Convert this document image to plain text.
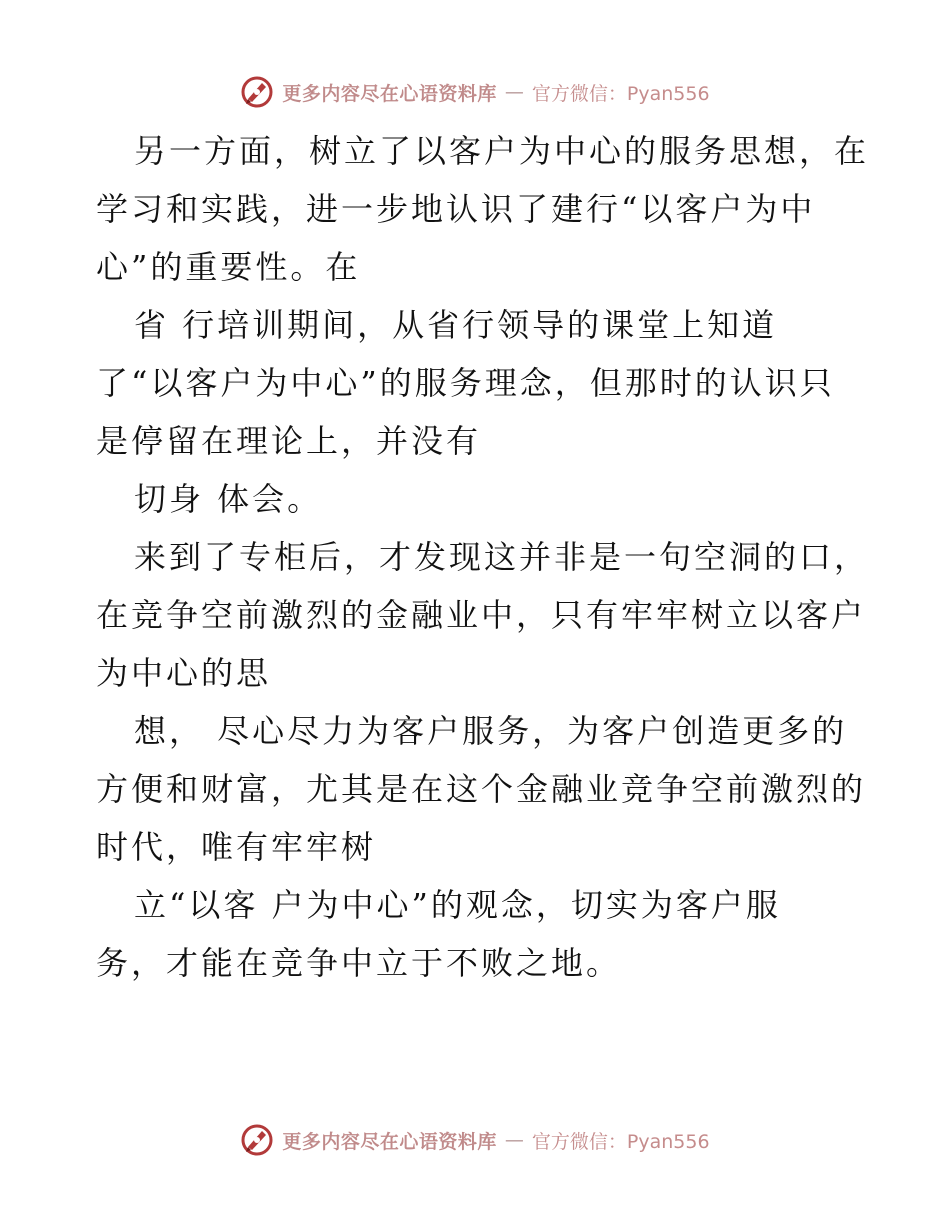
更多内容尽在心语资料库 — 官方微信：Pyan556

另一方面，树立了以客户为中心的服务思想，在

学习和实践，进一步地认识了建行“以客户为中

心”的重要性。在

省 行培训期间，从省行领导的课堂上知道

了“以客户为中心”的服务理念，但那时的认识只

是停留在理论上，并没有

切身 体会。

来到了专柜后，才发现这并非是一句空洞的口，

在竞争空前激烈的金融业中，只有牢牢树立以客户

为中心的思

想， 尽心尽力为客户服务，为客户创造更多的

方便和财富，尤其是在这个金融业竞争空前激烈的

时代，唯有牢牢树

立“以客 户为中心”的观念，切实为客户服

务，才能在竞争中立于不败之地。

更多内容尽在心语资料库 — 官方微信：Pyan556
